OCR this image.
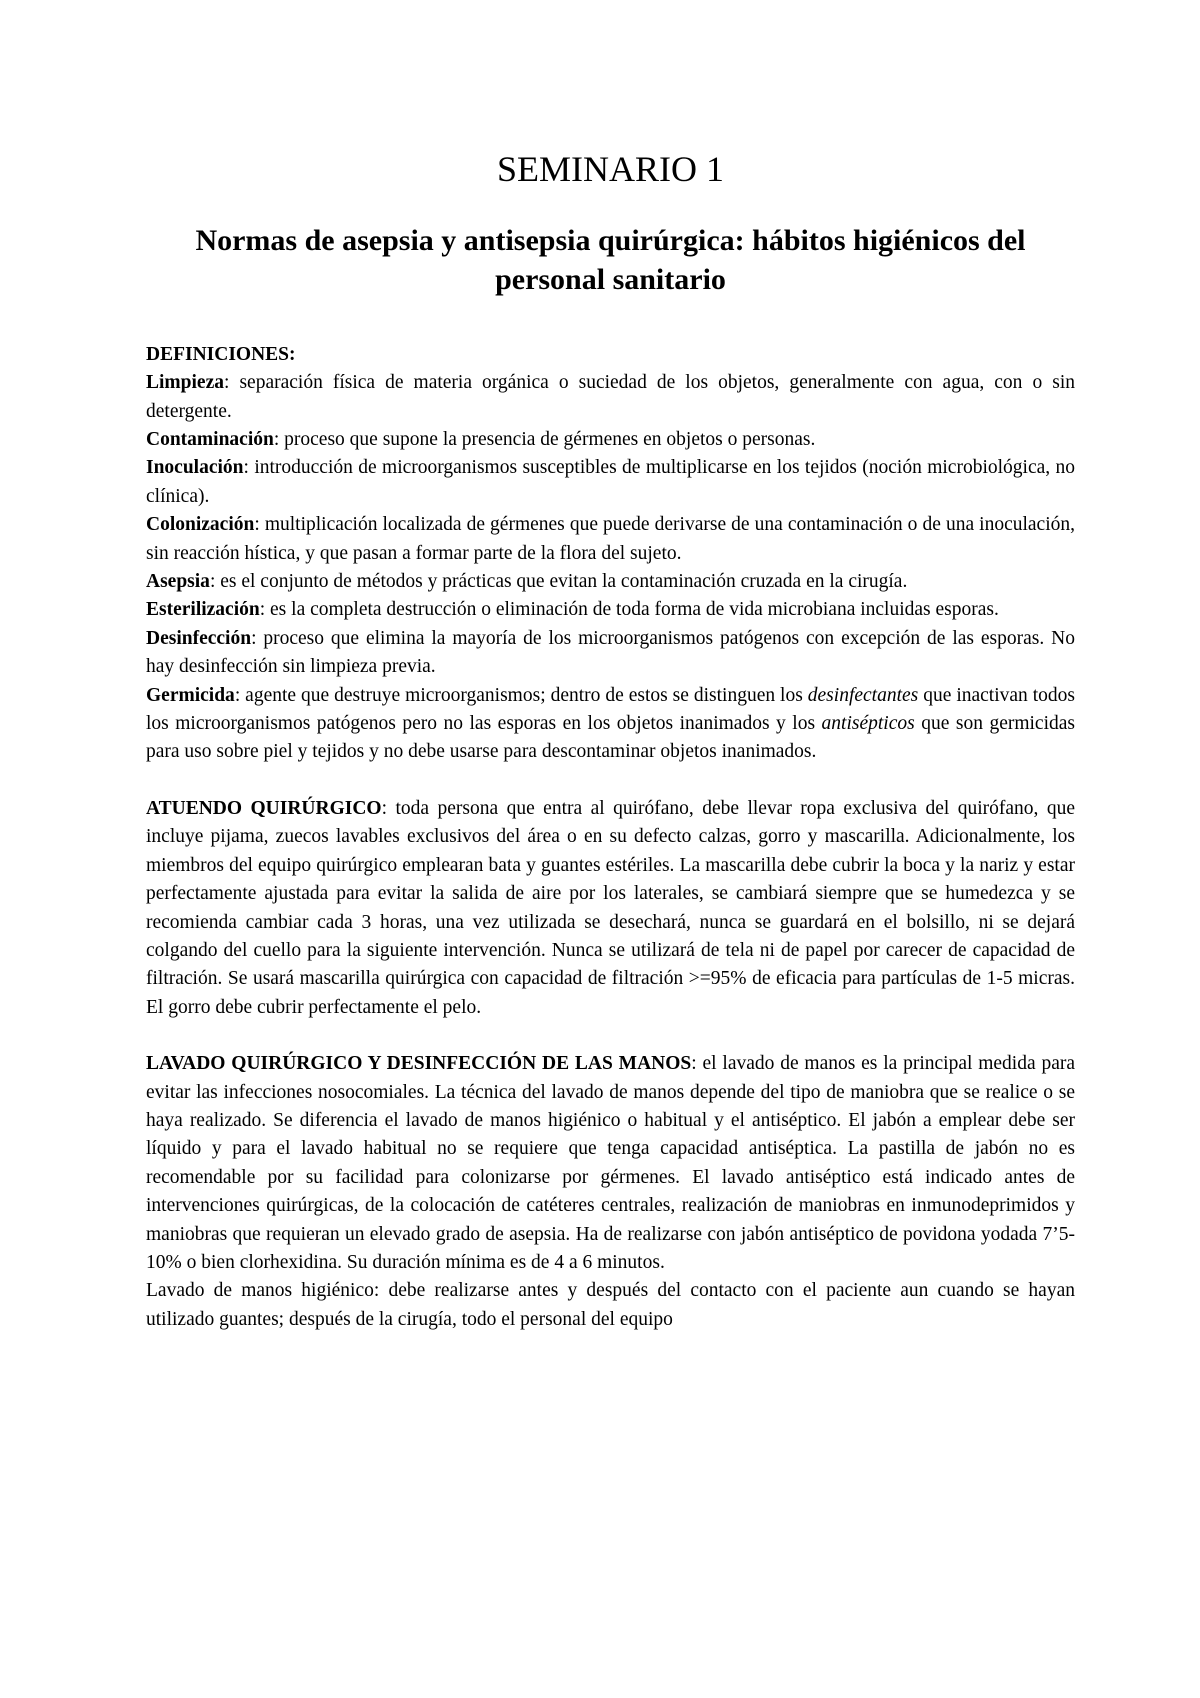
SEMINARIO 1
Normas de asepsia y antisepsia quirúrgica: hábitos higiénicos del personal sanitario
DEFINICIONES:

Limpieza: separación física de materia orgánica o suciedad de los objetos, generalmente con agua, con o sin detergente.

Contaminación: proceso que supone la presencia de gérmenes en objetos o personas.

Inoculación: introducción de microorganismos susceptibles de multiplicarse en los tejidos (noción microbiológica, no clínica).

Colonización: multiplicación localizada de gérmenes que puede derivarse de una contaminación o de una inoculación, sin reacción hística, y que pasan a formar parte de la flora del sujeto.

Asepsia: es el conjunto de métodos y prácticas que evitan la contaminación cruzada en la cirugía.

Esterilización: es la completa destrucción o eliminación de toda forma de vida microbiana incluidas esporas.

Desinfección: proceso que elimina la mayoría de los microorganismos patógenos con excepción de las esporas. No hay desinfección sin limpieza previa.

Germicida: agente que destruye microorganismos; dentro de estos se distinguen los desinfectantes que inactivan todos los microorganismos patógenos pero no las esporas en los objetos inanimados y los antisépticos que son germicidas para uso sobre piel y tejidos y no debe usarse para descontaminar objetos inanimados.

ATUENDO QUIRÚRGICO: toda persona que entra al quirófano, debe llevar ropa exclusiva del quirófano, que incluye pijama, zuecos lavables exclusivos del área o en su defecto calzas, gorro y mascarilla. Adicionalmente, los miembros del equipo quirúrgico emplearan bata y guantes estériles. La mascarilla debe cubrir la boca y la nariz y estar perfectamente ajustada para evitar la salida de aire por los laterales, se cambiará siempre que se humedezca y se recomienda cambiar cada 3 horas, una vez utilizada se desechará, nunca se guardará en el bolsillo, ni se dejará colgando del cuello para la siguiente intervención. Nunca se utilizará de tela ni de papel por carecer de capacidad de filtración. Se usará mascarilla quirúrgica con capacidad de filtración >=95% de eficacia para partículas de 1-5 micras. El gorro debe cubrir perfectamente el pelo.

LAVADO QUIRÚRGICO Y DESINFECCIÓN DE LAS MANOS: el lavado de manos es la principal medida para evitar las infecciones nosocomiales. La técnica del lavado de manos depende del tipo de maniobra que se realice o se haya realizado. Se diferencia el lavado de manos higiénico o habitual y el antiséptico. El jabón a emplear debe ser líquido y para el lavado habitual no se requiere que tenga capacidad antiséptica. La pastilla de jabón no es recomendable por su facilidad para colonizarse por gérmenes. El lavado antiséptico está indicado antes de intervenciones quirúrgicas, de la colocación de catéteres centrales, realización de maniobras en inmunodeprimidos y maniobras que requieran un elevado grado de asepsia. Ha de realizarse con jabón antiséptico de povidona yodada 7’5-10% o bien clorhexidina. Su duración mínima es de 4 a 6 minutos.

Lavado de manos higiénico: debe realizarse antes y después del contacto con el paciente aun cuando se hayan utilizado guantes; después de la cirugía, todo el personal del equipo
